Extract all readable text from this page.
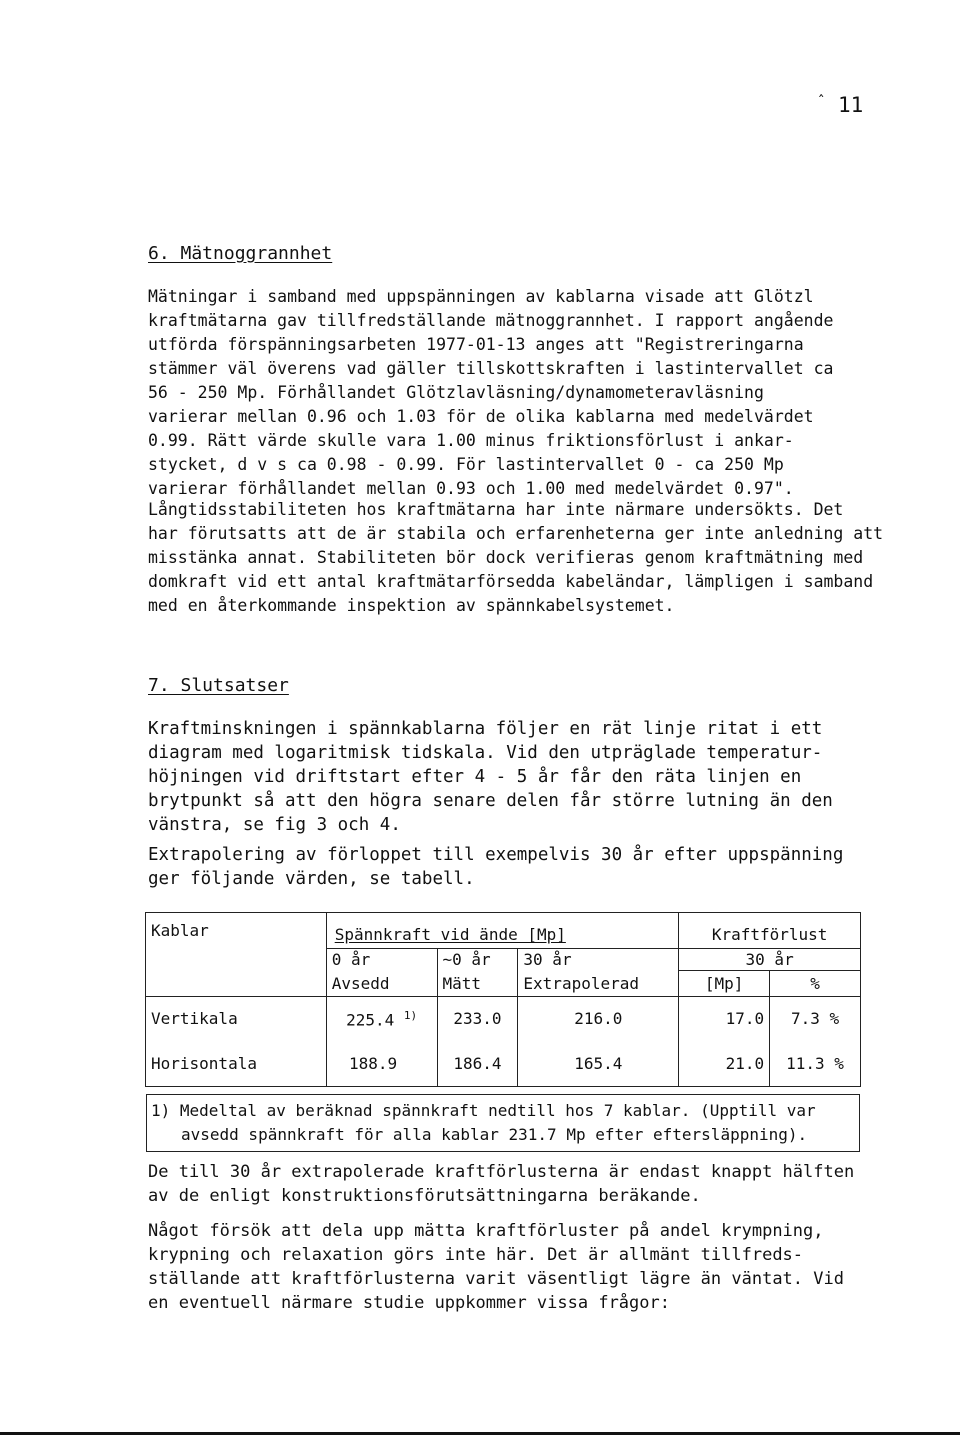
ˆ 11
6. Mätnoggrannhet
Mätningar i samband med uppspänningen av kablarna visade att Glötzl
kraftmätarna gav tillfredställande mätnoggrannhet. I rapport angående
utförda förspänningsarbeten 1977-01-13 anges att "Registreringarna
stämmer väl överens vad gäller tillskottskraften i lastintervallet ca
56 - 250 Mp. Förhållandet Glötzlavläsning/dynamometeravläsning
varierar mellan 0.96 och 1.03 för de olika kablarna med medelvärdet
0.99. Rätt värde skulle vara 1.00 minus friktionsförlust i ankar-
stycket, d v s ca 0.98 - 0.99. För lastintervallet 0 - ca 250 Mp
varierar förhållandet mellan 0.93 och 1.00 med medelvärdet 0.97".
Långtidsstabiliteten hos kraftmätarna har inte närmare undersökts. Det
har förutsatts att de är stabila och erfarenheterna ger inte anledning att
misstänka annat. Stabiliteten bör dock verifieras genom kraftmätning med
domkraft vid ett antal kraftmätarförsedda kabeländar, lämpligen i samband
med en återkommande inspektion av spännkabelsystemet.
7. Slutsatser
Kraftminskningen i spännkablarna följer en rät linje ritat i ett
diagram med logaritmisk tidskala. Vid den utpräglade temperatur-
höjningen vid driftstart efter 4 - 5 år får den räta linjen en
brytpunkt så att den högra senare delen får större lutning än den
vänstra, se fig 3 och 4.
Extrapolering av förloppet till exempelvis 30 år efter uppspänning
ger följande värden, se tabell.
Kablar	Spännkraft vid ände [Mp]			Kraftförlust	
	0 år	~0 år	30 år	30 år	
	Avsedd	Mätt	Extrapolerad	[Mp]	%
Vertikala	225.4 $^{1)}$	233.0	216.0	17.0	7.3 %
Horisontala	188.9	186.4	165.4	21.0	11.3 %
1) Medeltal av beräknad spännkraft nedtill hos 7 kablar. (Upptill var
avsedd spännkraft för alla kablar 231.7 Mp efter eftersläppning).
De till 30 år extrapolerade kraftförlusterna är endast knappt hälften
av de enligt konstruktionsförutsättningarna beräkande.
Något försök att dela upp mätta kraftförluster på andel krympning,
krypning och relaxation görs inte här. Det är allmänt tillfreds-
ställande att kraftförlusterna varit väsentligt lägre än väntat. Vid
en eventuell närmare studie uppkommer vissa frågor:
